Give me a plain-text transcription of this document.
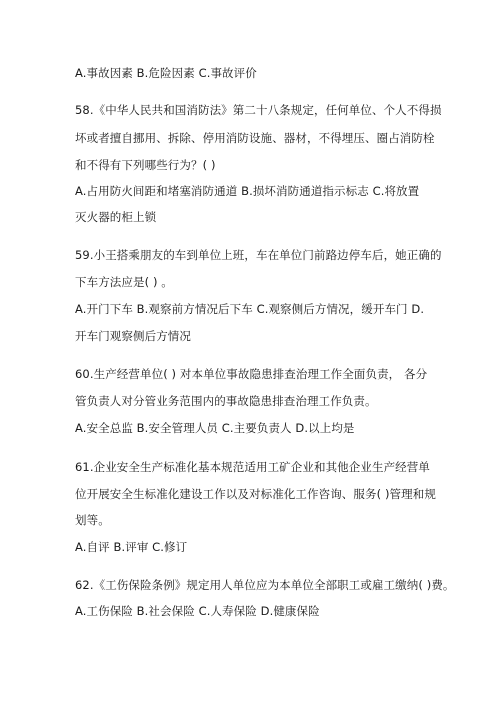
A.事故因素 B.危险因素 C.事故评价
58.《中华人民共和国消防法》第二十八条规定，任何单位、个人不得损
坏或者擅自挪用、拆除、停用消防设施、器材，不得埋压、圈占消防栓
和不得有下列哪些行为？( )
A.占用防火间距和堵塞消防通道 B.损坏消防通道指示标志 C.将放置
灭火器的柜上锁
59.小王搭乘朋友的车到单位上班，车在单位门前路边停车后，她正确的
下车方法应是( ) 。
A.开门下车 B.观察前方情况后下车 C.观察侧后方情况，缓开车门 D.
开车门观察侧后方情况
60.生产经营单位( ) 对本单位事故隐患排查治理工作全面负责， 各分
管负责人对分管业务范围内的事故隐患排查治理工作负责。
A.安全总监 B.安全管理人员 C.主要负责人 D.以上均是
61.企业安全生产标准化基本规范适用工矿企业和其他企业生产经营单
位开展安全生标准化建设工作以及对标准化工作咨询、服务( )管理和规
划等。
A.自评 B.评审 C.修订
62.《工伤保险条例》规定用人单位应为本单位全部职工或雇工缴纳( )费。
A.工伤保险 B.社会保险 C.人寿保险 D.健康保险
